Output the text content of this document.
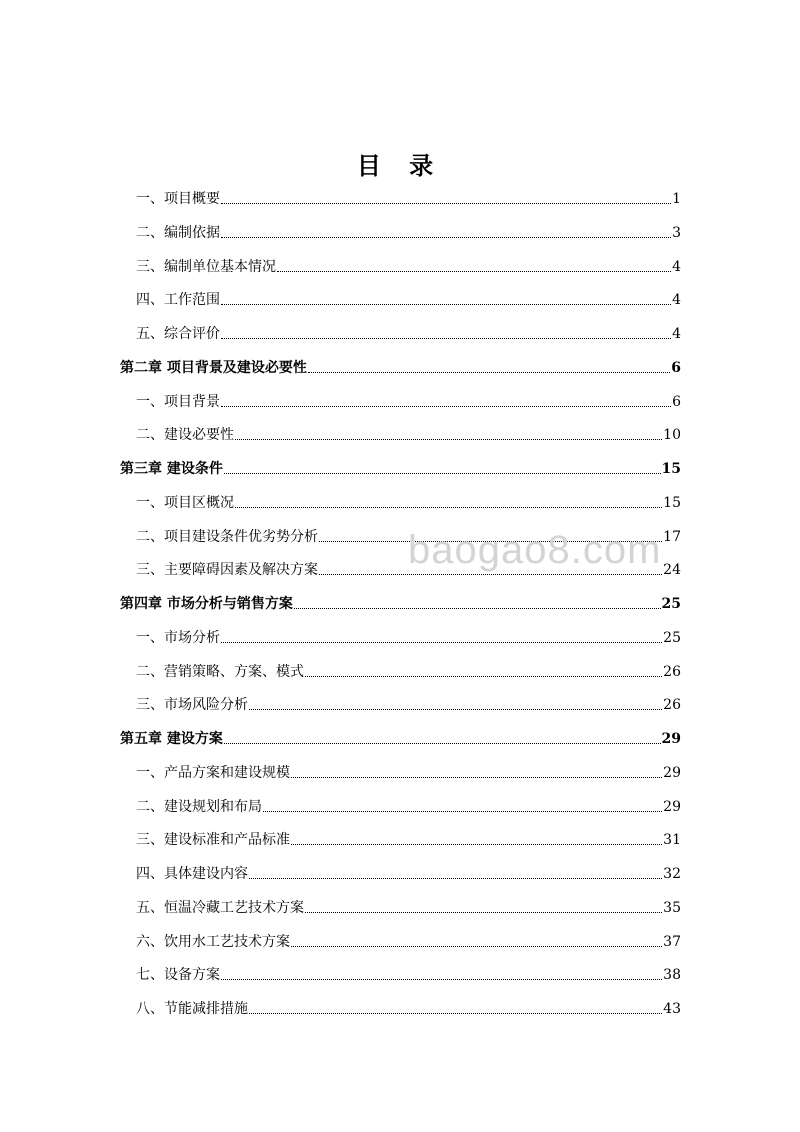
目 录
一、项目概要	1
二、编制依据	3
三、编制单位基本情况	4
四、工作范围	4
五、综合评价	4
第二章 项目背景及建设必要性	6
一、项目背景	6
二、建设必要性	10
第三章 建设条件	15
一、项目区概况	15
二、项目建设条件优劣势分析	17
三、主要障碍因素及解决方案	24
第四章 市场分析与销售方案	25
一、市场分析	25
二、营销策略、方案、模式	26
三、市场风险分析	26
第五章 建设方案	29
一、产品方案和建设规模	29
二、建设规划和布局	29
三、建设标准和产品标准	31
四、具体建设内容	32
五、恒温冷藏工艺技术方案	35
六、饮用水工艺技术方案	37
七、设备方案	38
八、节能减排措施	43
baogao8.com
